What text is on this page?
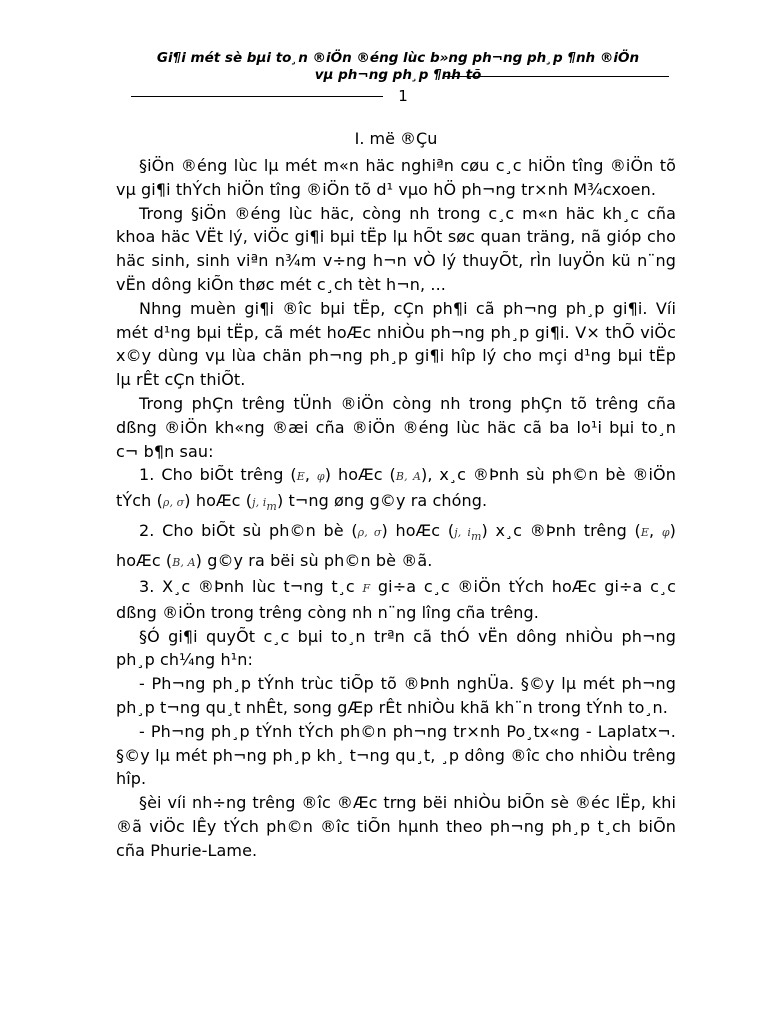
Gi¶i mét sè bµi to¸n ®iÖn ®éng lùc b»ng ph¬ng ph¸p ¶nh ®iÖn
vµ ph¬ng ph¸p ¶nh tõ
1
I. më ®Çu

§iÖn ®éng lùc lµ mét m«n häc nghiªn cøu c¸c hiÖn tîng ®iÖn tõ vµ gi¶i thÝch hiÖn tîng ®iÖn tõ d¹ vµo hÖ ph¬ng tr×nh M¾cxoen.

Trong §iÖn ®éng lùc häc, còng nh trong c¸c m«n häc kh¸c cña khoa häc VËt lý, viÖc gi¶i bµi tËp lµ hÕt søc quan träng, nã gióp cho häc sinh, sinh viªn n¾m v÷ng h¬n vÒ lý thuyÕt, rÌn luyÖn kü n¨ng vËn dông kiÕn thøc mét c¸ch tèt h¬n, ...

Nhng muèn gi¶i ®îc bµi tËp, cÇn ph¶i cã ph¬ng ph¸p gi¶i. Víi mét d¹ng bµi tËp, cã mét hoÆc nhiÒu ph¬ng ph¸p gi¶i. V× thÕ viÖc x©y dùng vµ lùa chän ph¬ng ph¸p gi¶i hîp lý cho mçi d¹ng bµi tËp lµ rÊt cÇn thiÕt.

Trong phÇn trêng tÜnh ®iÖn còng nh trong phÇn tõ trêng cña dßng ®iÖn kh«ng ®æi cña ®iÖn ®éng lùc häc cã ba lo¹i bµi to¸n c¬ b¶n sau:

1. Cho biÕt trêng (E, φ) hoÆc (B, A), x¸c ®Þnh sù ph©n bè ®iÖn tÝch (ρ, σ) hoÆc (j, $i_m$) t¬ng øng g©y ra chóng.

2. Cho biÕt sù ph©n bè (ρ, σ) hoÆc (j, $i_m$) x¸c ®Þnh trêng (E, φ) hoÆc (B, A) g©y ra bëi sù ph©n bè ®ã.

3. X¸c ®Þnh lùc t¬ng t¸c F gi÷a c¸c ®iÖn tÝch hoÆc gi÷a c¸c dßng ®iÖn trong trêng còng nh n¨ng lîng cña trêng.

§Ó gi¶i quyÕt c¸c bµi to¸n trªn cã thÓ vËn dông nhiÒu ph¬ng ph¸p ch¼ng h¹n:

- Ph¬ng ph¸p tÝnh trùc tiÕp tõ ®Þnh nghÜa. §©y lµ mét ph¬ng ph¸p t¬ng qu¸t nhÊt, song gÆp rÊt nhiÒu khã kh¨n trong tÝnh to¸n.

- Ph¬ng ph¸p tÝnh tÝch ph©n ph¬ng tr×nh Po¸tx«ng - Laplatx¬. §©y lµ mét ph¬ng ph¸p kh¸ t¬ng qu¸t, ¸p dông ®îc cho nhiÒu trêng hîp.

§èi víi nh÷ng trêng ®îc ®Æc trng bëi nhiÒu biÕn sè ®éc lËp, khi ®ã viÖc lÊy tÝch ph©n ®îc tiÕn hµnh theo ph¬ng ph¸p t¸ch biÕn cña Phurie-Lame.
